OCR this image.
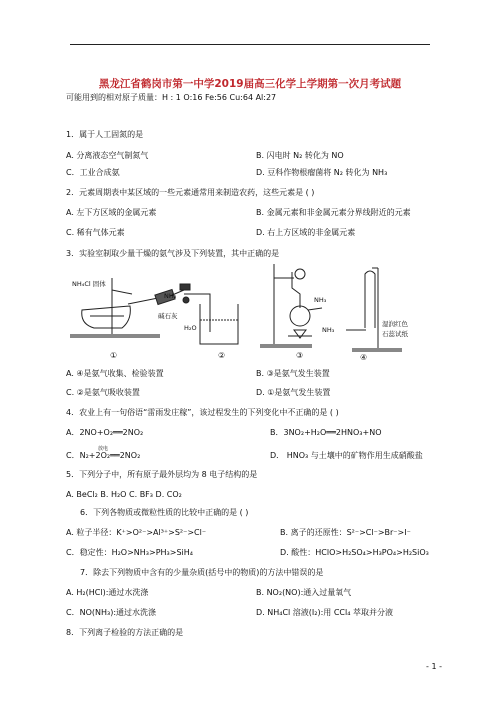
黑龙江省鹤岗市第一中学2019届高三化学上学期第一次月考试题
可能用到的相对原子质量：H : 1 O:16 Fe:56 Cu:64 Al:27
1．属于人工固氮的是
A. 分离液态空气制氮气	B. 闪电时 N₂ 转化为 NO
C．工业合成氨	D. 豆科作物根瘤菌将 N₂ 转化为 NH₃
2．元素周期表中某区域的一些元素通常用来制造农药，这些元素是 ( )
A. 左下方区域的金属元素	B. 金属元素和非金属元素分界线附近的元素
C. 稀有气体元素	D. 右上方区域的非金属元素
3．实验室制取少量干燥的氨气涉及下列装置，其中正确的是
NH₄Cl 固体
碱石灰
①
NH₃
H₂O
②
NH₃
③
NH₃
湿润红色
石蕊试纸
④
A. ④是氨气收集、检验装置	B. ③是氨气发生装置
C. ②是氨气吸收装置	D. ①是氨气发生装置
4．农业上有一句俗语“雷雨发庄稼”，该过程发生的下列变化中不正确的是 ( )
A．2NO+O₂══2NO₂	B．3NO₂+H₂O══2HNO₃+NO
放电
C．N₂+2O₂══2NO₂	D． HNO₃ 与土壤中的矿物作用生成硝酸盐
5．下列分子中，所有原子最外层均为 8 电子结构的是
A. BeCl₂ B. H₂O C. BF₃ D. CO₂
6．下列各物质或微粒性质的比较中正确的是 ( )
A. 粒子半径：K⁺>O²⁻>Al³⁺>S²⁻>Cl⁻	B. 离子的还原性：S²⁻>Cl⁻>Br⁻>I⁻
C．稳定性：H₂O>NH₃>PH₃>SiH₄	D. 酸性：HClO>H₂SO₄>H₃PO₄>H₂SiO₃
7．除去下列物质中含有的少量杂质(括号中的物质)的方法中错误的是
A. H₂(HCl):通过水洗涤	B. NO₂(NO):通入过量氧气
C．NO(NH₃):通过水洗涤	D. NH₄Cl 溶液(I₂):用 CCl₄ 萃取并分液
8．下列离子检验的方法正确的是
- 1 -
